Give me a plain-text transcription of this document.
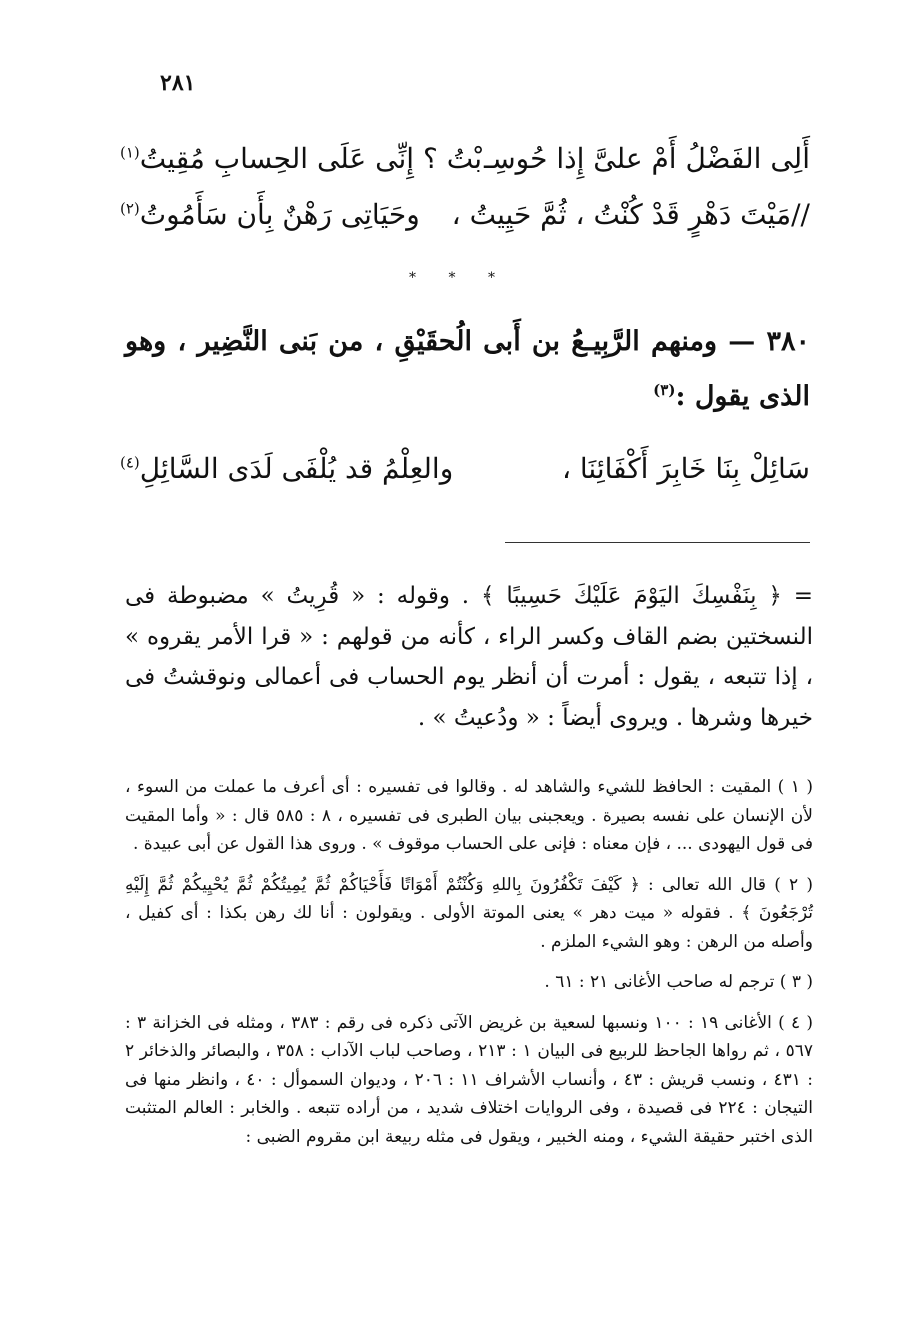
٢٨١
أَلِى الفَضْلُ أَمْ علىَّ إِذا حُوسِـ
بْتُ ؟ إِنِّى عَلَى الحِسابِ مُقِيتُ$^{(١)}$
//مَيْتَ دَهْرٍ قَدْ كُنْتُ ، ثُمَّ حَيِيتُ ،
وحَيَاتِى رَهْنٌ بِأَن سَأَمُوتُ$^{(٢)}$
* * *
٣٨٠ — ومنهم الرَّبِيـعُ بن أَبى الُحقَيْقِ ، من بَنى النَّضِير ، وهو الذى يقول :$^{(٣)}$
سَائِلْ بِنَا خَابِرَ أَكْفَائِنَا ،
والعِلْمُ قد يُلْفَى لَدَى السَّائِلِ$^{(٤)}$
= ﴿ بِنَفْسِكَ اليَوْمَ عَلَيْكَ حَسِيبًا ﴾ . وقوله : « قُرِيتُ » مضبوطة فى النسختين بضم القاف وكسر الراء ، كأنه من قولهم : « قرا الأمر يقروه » ، إذا تتبعه ، يقول : أمرت أن أنظر يوم الحساب فى أعمالى ونوقشتُ فى خيرها وشرها . ويروى أيضاً : « ودُعيتُ » .

( ١ ) المقيت : الحافظ للشيء والشاهد له . وقالوا فى تفسيره : أى أعرف ما عملت من السوء ، لأن الإنسان على نفسه بصيرة . ويعجبنى بيان الطبرى فى تفسيره ، ٨ : ٥٨٥ قال : « وأما المقيت فى قول اليهودى ... ، فإن معناه : فإنى على الحساب موقوف » . وروى هذا القول عن أبى عبيدة .

( ٢ ) قال الله تعالى : ﴿ كَيْفَ تَكْفُرُونَ بِاللهِ وَكُنْتُمْ أَمْوَاتًا فَأَحْيَاكُمْ ثُمَّ يُمِيتُكُمْ ثُمَّ يُحْيِيكُمْ ثُمَّ إِلَيْهِ تُرْجَعُونَ ﴾ . فقوله « ميت دهر » يعنى الموتة الأولى . ويقولون : أنا لك رهن بكذا : أى كفيل ، وأصله من الرهن : وهو الشيء الملزم .

( ٣ ) ترجم له صاحب الأغانى ٢١ : ٦١ .

( ٤ ) الأغانى ١٩ : ١٠٠ ونسبها لسعية بن غريض الآتى ذكره فى رقم : ٣٨٣ ، ومثله فى الخزانة ٣ : ٥٦٧ ، ثم رواها الجاحظ للربيع فى البيان ١ : ٢١٣ ، وصاحب لباب الآداب : ٣٥٨ ، والبصائر والذخائر ٢ : ٤٣١ ، ونسب قريش : ٤٣ ، وأنساب الأشراف ١١ : ٢٠٦ ، وديوان السموأل : ٤٠ ، وانظر منها فى التيجان : ٢٢٤ فى قصيدة ، وفى الروايات اختلاف شديد ، من أراده تتبعه . والخابر : العالم المتثبت الذى اختبر حقيقة الشيء ، ومنه الخبير ، ويقول فى مثله ربيعة ابن مقروم الضبى :
